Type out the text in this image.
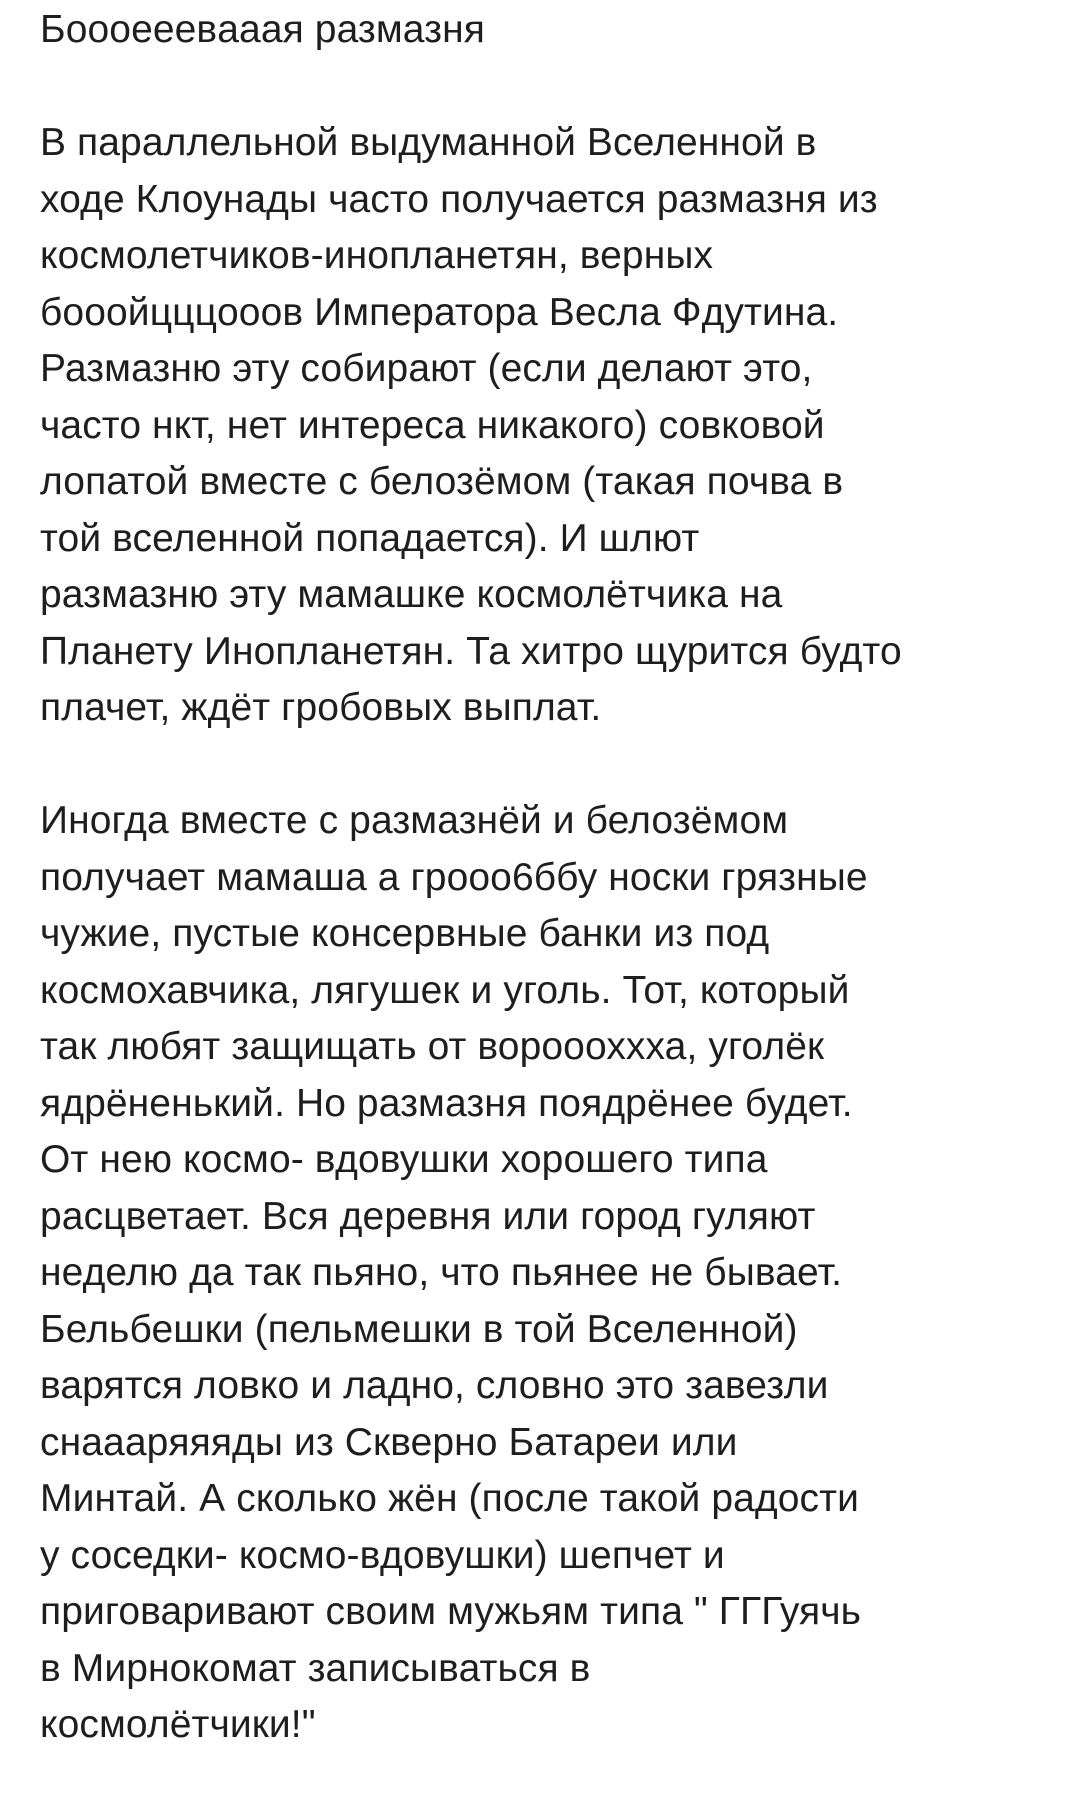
Бoooeeeвaaaя размазня
В параллельной выдуманной Вселенной в
ходе Клоунады часто получается размазня из
космолетчиков-инопланетян, верных
бооойцццooов Императора Весла Фдутина.
Размазню эту собирают (если делают это,
часто нкт, нет интереса никакого) совковой
лопатой вместе с белозёмом (такая почва в
той вселенной попадается). И шлют
размазню эту мамашке космолётчика на
Планету Инопланетян. Та хитро щурится будто
плачет, ждёт гробовых выплат.
Иногда вместе с размазнёй и белозёмом
получает мамаша а грооо6ббу носки грязные
чужие, пустые консервные банки из под
космохавчика, лягушек и уголь. Тот, который
так любят защищать от ворооохxха, уголёк
ядрёненький. Но размазня поядрёнее будет.
От нею космо- вдовушки хорошего типа
расцветает. Вся деревня или город гуляют
неделю да так пьяно, что пьянее не бывает.
Бельбешки (пельмешки в той Вселенной)
варятся ловко и ладно, словно это завезли
снааapяяяды из Скверно Батареи или
Минтай. А сколько жён (после такой радости
у соседки- космо-вдовушки) шепчет и
приговаривают своим мужьям типа " ГГГуячь
в Мирнокомат записываться в
космолётчики!"
